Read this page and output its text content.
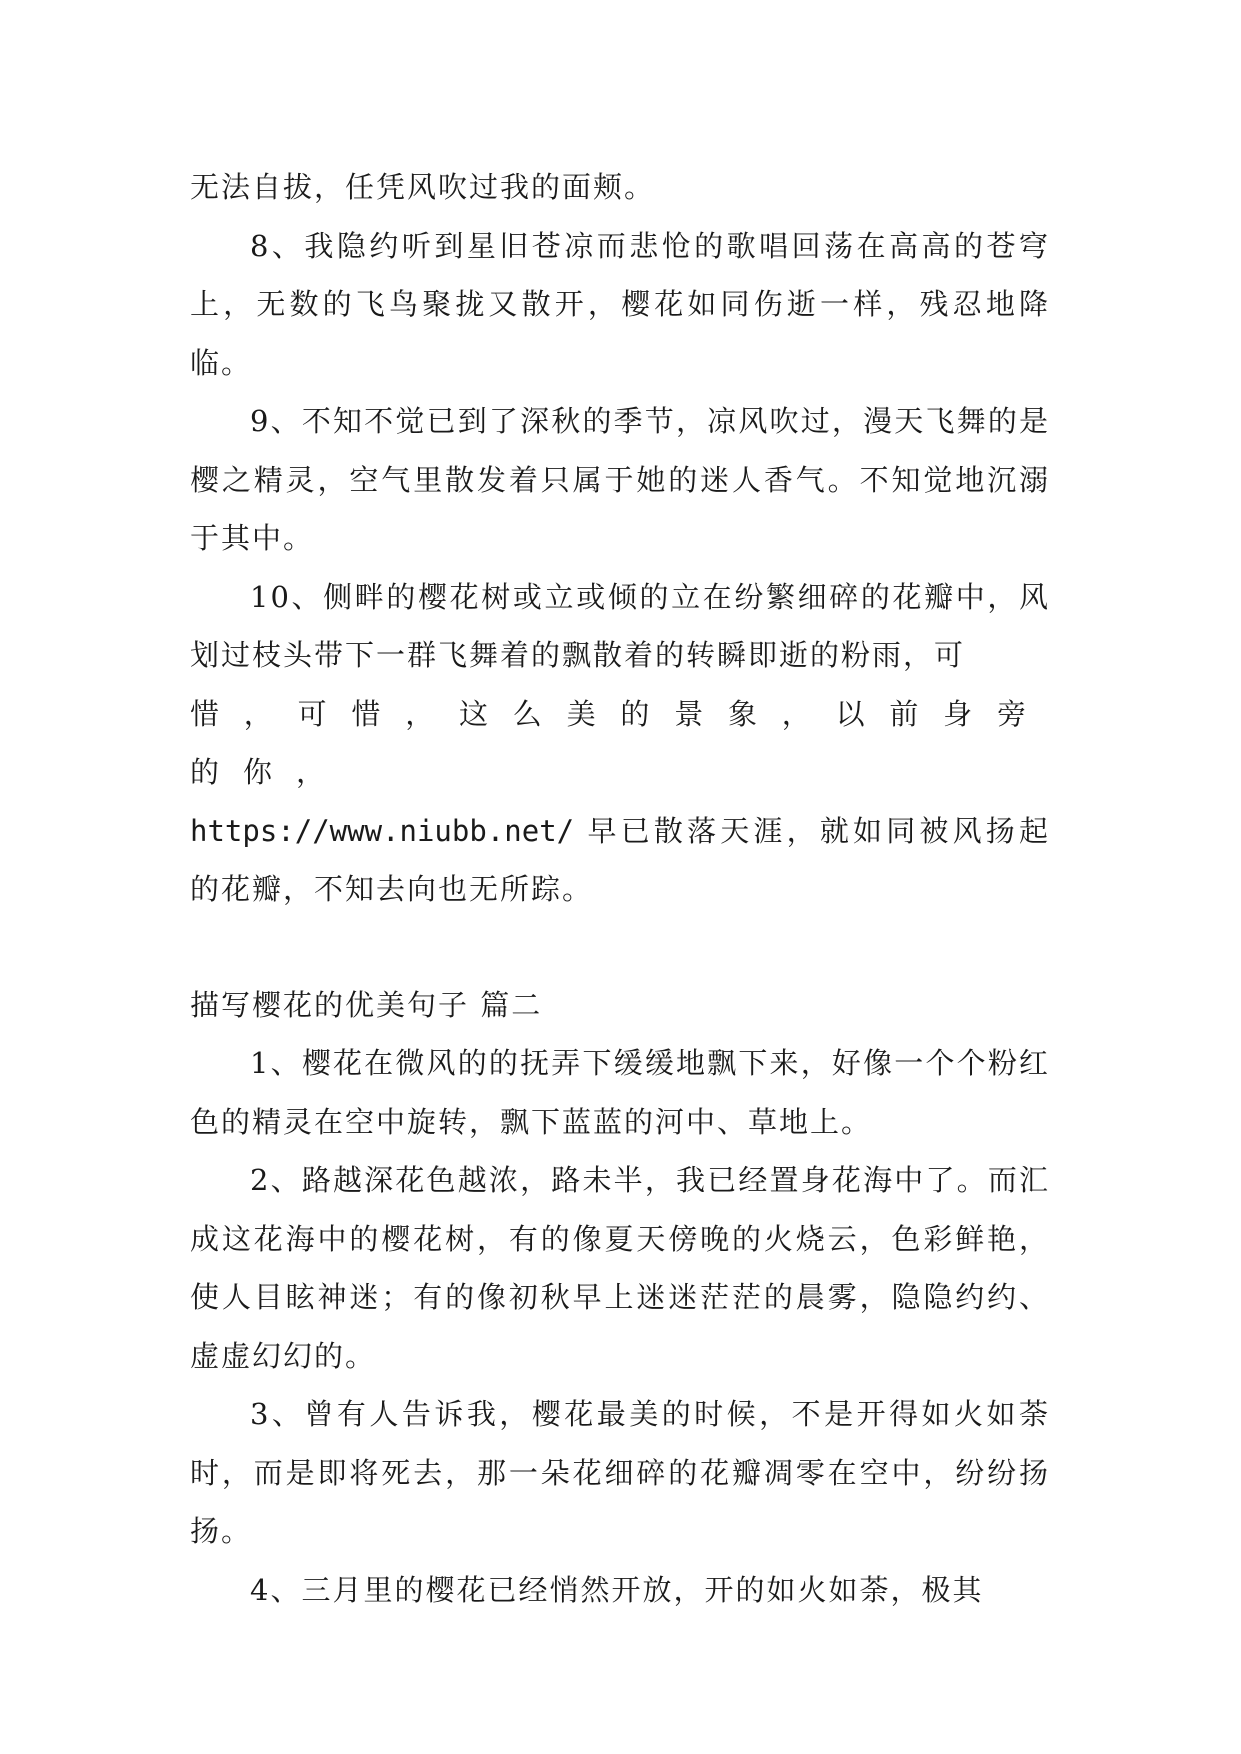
无法自拔，任凭风吹过我的面颊。

8、我隐约听到星旧苍凉而悲怆的歌唱回荡在高高的苍穹上，无数的飞鸟聚拢又散开，樱花如同伤逝一样，残忍地降临。

9、不知不觉已到了深秋的季节，凉风吹过，漫天飞舞的是樱之精灵，空气里散发着只属于她的迷人香气。不知觉地沉溺于其中。

10、侧畔的樱花树或立或倾的立在纷繁细碎的花瓣中，风划过枝头带下一群飞舞着的飘散着的转瞬即逝的粉雨，可
惜，可惜，这么美的景象，以前身旁的你，
https://www.niubb.net/ 早已散落天涯，就如同被风扬起的花瓣，不知去向也无所踪。

描写樱花的优美句子 篇二

1、樱花在微风的的抚弄下缓缓地飘下来，好像一个个粉红色的精灵在空中旋转，飘下蓝蓝的河中、草地上。

2、路越深花色越浓，路未半，我已经置身花海中了。而汇成这花海中的樱花树，有的像夏天傍晚的火烧云，色彩鲜艳，使人目眩神迷；有的像初秋早上迷迷茫茫的晨雾，隐隐约约、虚虚幻幻的。

3、曾有人告诉我，樱花最美的时候，不是开得如火如荼时，而是即将死去，那一朵花细碎的花瓣凋零在空中，纷纷扬扬。

4、三月里的樱花已经悄然开放，开的如火如荼，极其
